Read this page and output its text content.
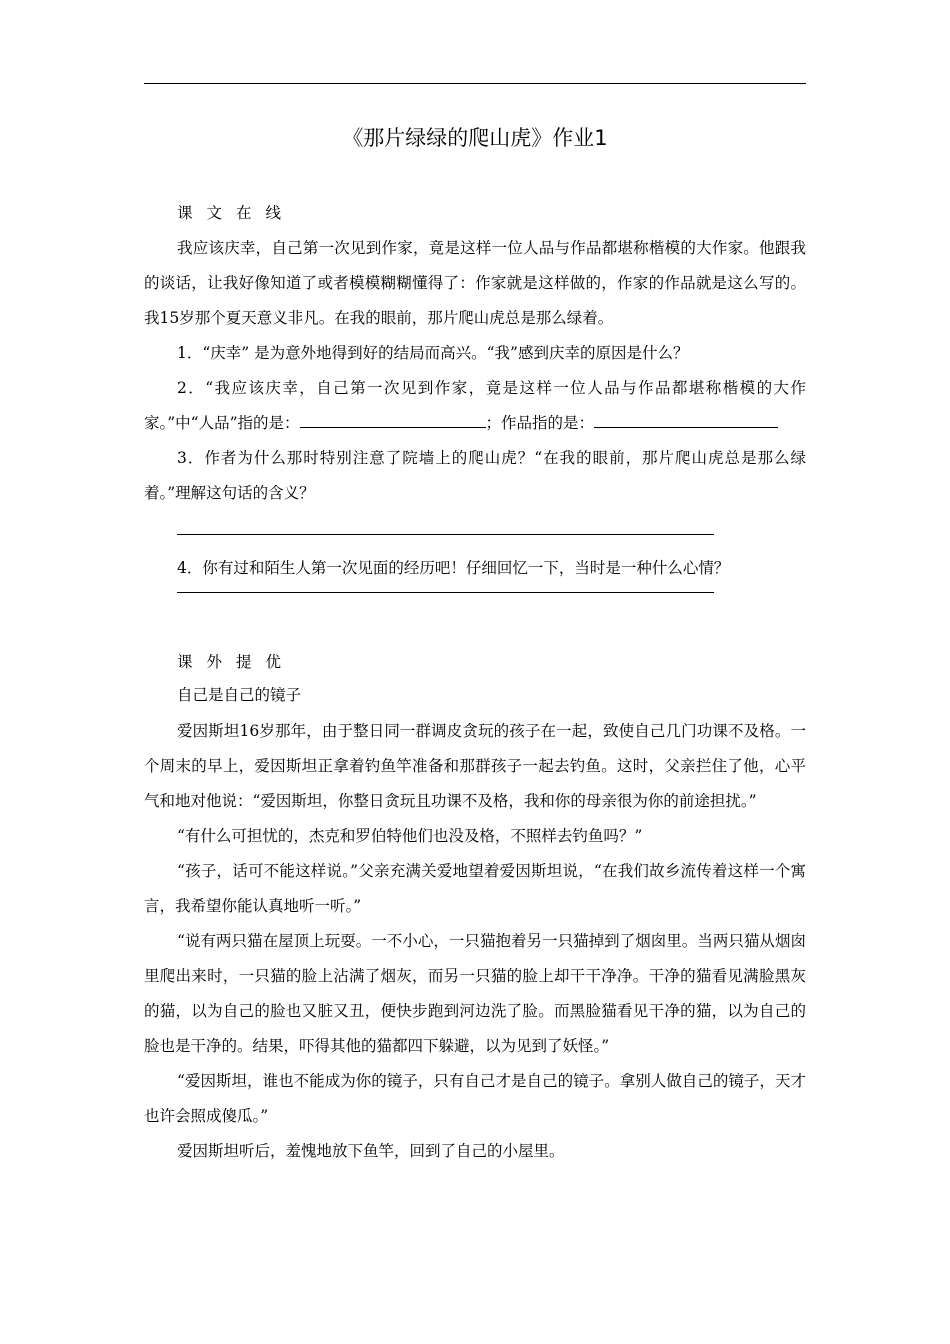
《那片绿绿的爬山虎》作业1

课文在线

我应该庆幸，自己第一次见到作家，竟是这样一位人品与作品都堪称楷模的大作家。他跟我的谈话，让我好像知道了或者模模糊糊懂得了：作家就是这样做的，作家的作品就是这么写的。我15岁那个夏天意义非凡。在我的眼前，那片爬山虎总是那么绿着。

1．“庆幸” 是为意外地得到好的结局而高兴。“我”感到庆幸的原因是什么？

2．“我应该庆幸，自己第一次见到作家，竟是这样一位人品与作品都堪称楷模的大作家。”中“人品”指的是：	；作品指的是：

3．作者为什么那时特别注意了院墙上的爬山虎？“在我的眼前，那片爬山虎总是那么绿着。”理解这句话的含义？

4．你有过和陌生人第一次见面的经历吧！仔细回忆一下，当时是一种什么心情？

课外提优

自己是自己的镜子

爱因斯坦16岁那年，由于整日同一群调皮贪玩的孩子在一起，致使自己几门功课不及格。一个周末的早上，爱因斯坦正拿着钓鱼竿准备和那群孩子一起去钓鱼。这时，父亲拦住了他，心平气和地对他说：“爱因斯坦，你整日贪玩且功课不及格，我和你的母亲很为你的前途担扰。”

“有什么可担忧的，杰克和罗伯特他们也没及格，不照样去钓鱼吗？”

“孩子，话可不能这样说。”父亲充满关爱地望着爱因斯坦说，“在我们故乡流传着这样一个寓言，我希望你能认真地听一听。”

“说有两只猫在屋顶上玩耍。一不小心，一只猫抱着另一只猫掉到了烟囱里。当两只猫从烟囱里爬出来时，一只猫的脸上沾满了烟灰，而另一只猫的脸上却干干净净。干净的猫看见满脸黑灰的猫，以为自己的脸也又脏又丑，便快步跑到河边洗了脸。而黑脸猫看见干净的猫，以为自己的脸也是干净的。结果，吓得其他的猫都四下躲避，以为见到了妖怪。”

“爱因斯坦，谁也不能成为你的镜子，只有自己才是自己的镜子。拿别人做自己的镜子，天才也许会照成傻瓜。”

爱因斯坦听后，羞愧地放下鱼竿，回到了自己的小屋里。
